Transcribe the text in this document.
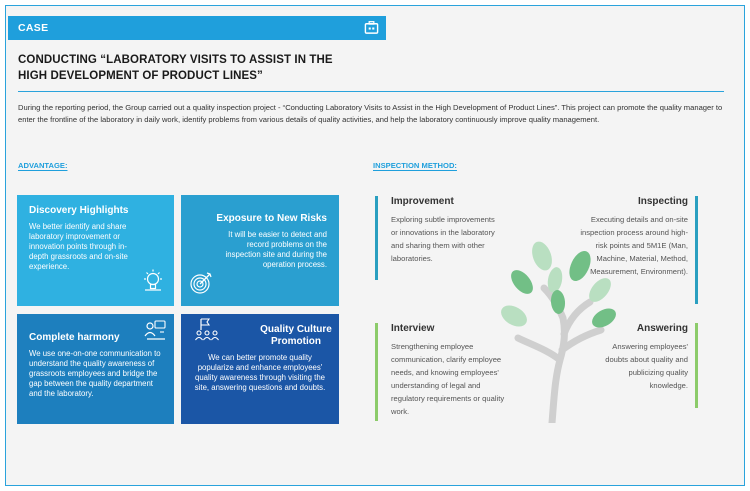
CASE
CONDUCTING “LABORATORY VISITS TO ASSIST IN THE HIGH DEVELOPMENT OF PRODUCT LINES”

During the reporting period, the Group carried out a quality inspection project - “Conducting Laboratory Visits to Assist in the High Development of Product Lines”. This project can promote the quality manager to enter the frontline of the laboratory in daily work, identify problems from various details of quality activities, and help the laboratory continuously improve quality management.

ADVANTAGE:	INSPECTION METHOD:
Discovery Highlights
We better identify and share laboratory improvement or innovation points through in-depth grassroots and on-site experience.
Exposure to New Risks
It will be easier to detect and record problems on the inspection site and during the operation process.
Complete harmony
We use one-on-one communication to understand the quality awareness of grassroots employees and bridge the gap between the quality department and the laboratory.
Quality Culture Promotion
We can better promote quality popularize and enhance employees' quality awareness through visiting the site, answering questions and doubts.
Improvement
Exploring subtle improvements or innovations in the laboratory and sharing them with other laboratories.
Inspecting
Executing details and on-site inspection process around high-risk points and 5M1E (Man, Machine, Material, Method, Measurement, Environment).
Interview
Strengthening employee communication, clarify employee needs, and knowing employees' understanding of legal and regulatory requirements or quality work.
Answering
Answering employees' doubts about quality and publicizing quality knowledge.
